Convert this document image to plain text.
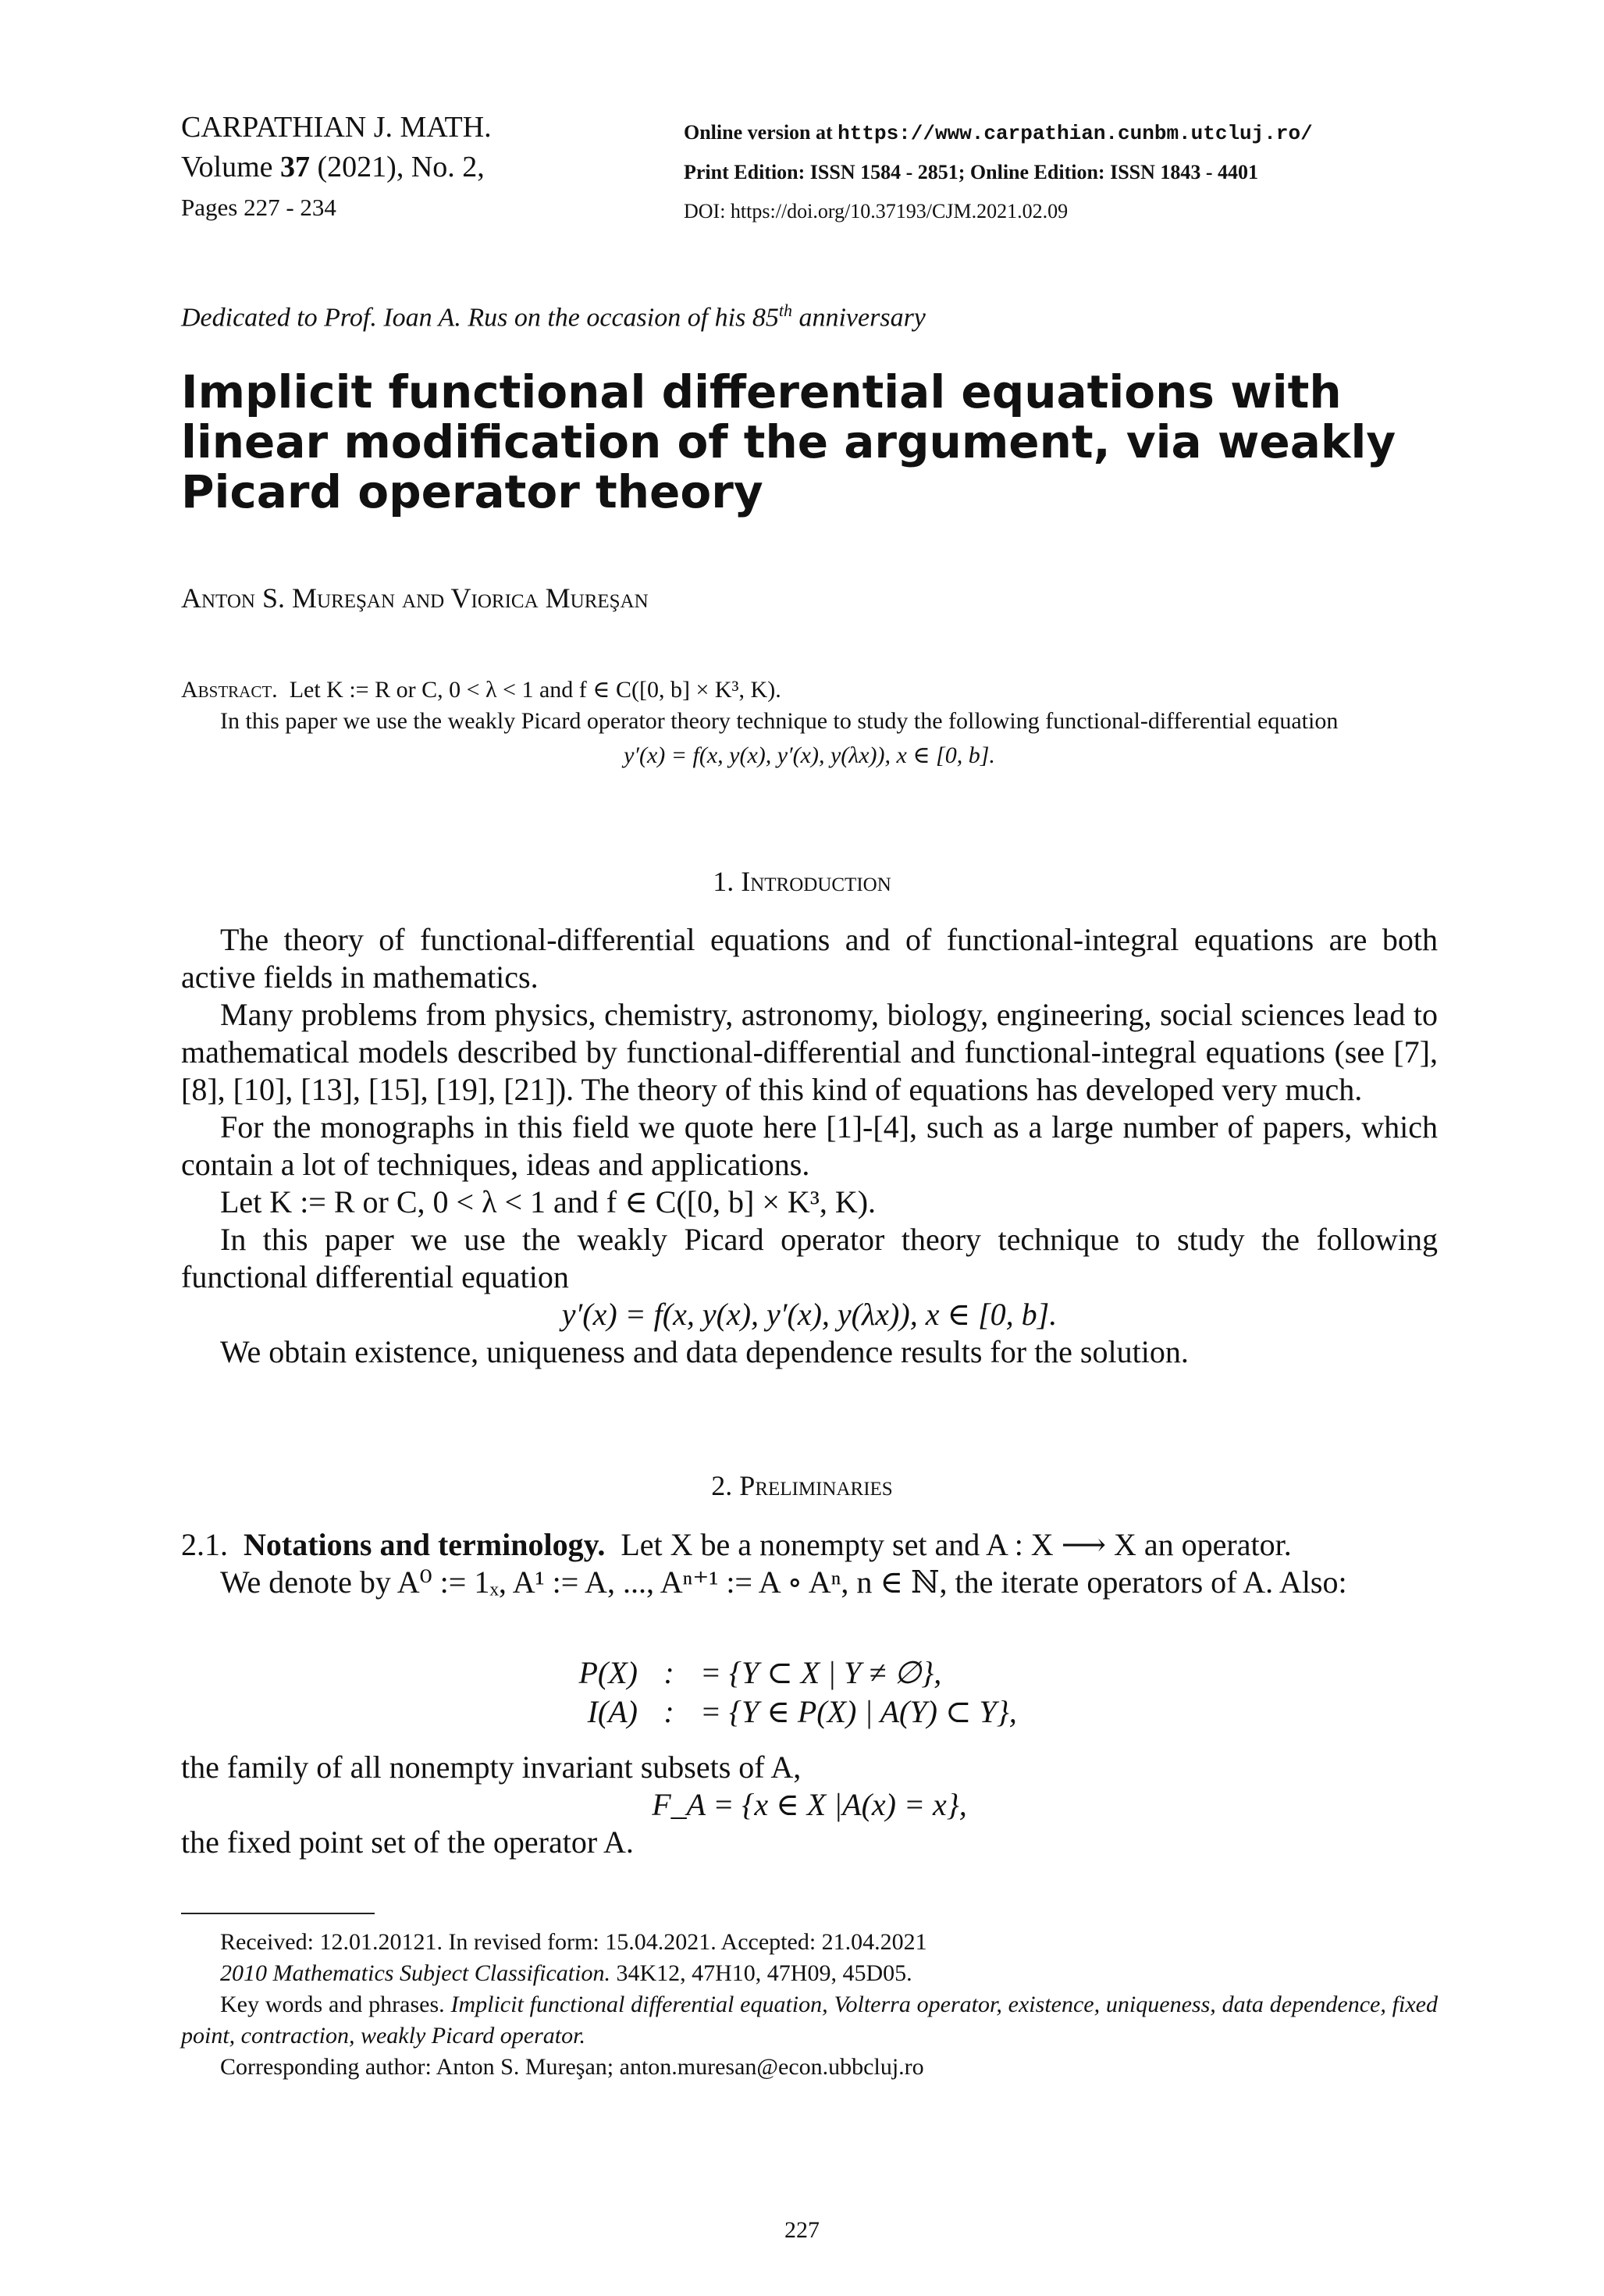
CARPATHIAN J. MATH.
Volume 37 (2021), No. 2,
Pages 227 - 234
Online version at https://www.carpathian.cunbm.utcluj.ro/
Print Edition: ISSN 1584 - 2851; Online Edition: ISSN 1843 - 4401
DOI: https://doi.org/10.37193/CJM.2021.02.09
Dedicated to Prof. Ioan A. Rus on the occasion of his 85th anniversary
Implicit functional differential equations with linear modification of the argument, via weakly Picard operator theory
Anton S. Mureşan and Viorica Mureşan
Abstract. Let K := R or C, 0 < λ < 1 and f ∈ C([0, b] × K³, K).
In this paper we use the weakly Picard operator theory technique to study the following functional-differential equation
y′(x) = f(x, y(x), y′(x), y(λx)), x ∈ [0, b].
1. Introduction

The theory of functional-differential equations and of functional-integral equations are both active fields in mathematics.

Many problems from physics, chemistry, astronomy, biology, engineering, social sciences lead to mathematical models described by functional-differential and functional-integral equations (see [7], [8], [10], [13], [15], [19], [21]). The theory of this kind of equations has developed very much.

For the monographs in this field we quote here [1]-[4], such as a large number of papers, which contain a lot of techniques, ideas and applications.

Let K := R or C, 0 < λ < 1 and f ∈ C([0, b] × K³, K).

In this paper we use the weakly Picard operator theory technique to study the following functional differential equation

y′(x) = f(x, y(x), y′(x), y(λx)), x ∈ [0, b].

We obtain existence, uniqueness and data dependence results for the solution.

2. Preliminaries

2.1. Notations and terminology. Let X be a nonempty set and A : X ⟶ X an operator.

We denote by A⁰ := 1ₓ, A¹ := A, ..., Aⁿ⁺¹ := A ∘ Aⁿ, n ∈ ℕ, the iterate operators of A. Also:

P(X) : = {Y ⊂ X | Y ≠ ∅},
I(A) : = {Y ∈ P(X) | A(Y) ⊂ Y},

the family of all nonempty invariant subsets of A,

F_A = {x ∈ X |A(x) = x},

the fixed point set of the operator A.

Received: 12.01.20121. In revised form: 15.04.2021. Accepted: 21.04.2021

2010 Mathematics Subject Classification. 34K12, 47H10, 47H09, 45D05.

Key words and phrases. Implicit functional differential equation, Volterra operator, existence, uniqueness, data dependence, fixed point, contraction, weakly Picard operator.

Corresponding author: Anton S. Mureşan; anton.muresan@econ.ubbcluj.ro

227
